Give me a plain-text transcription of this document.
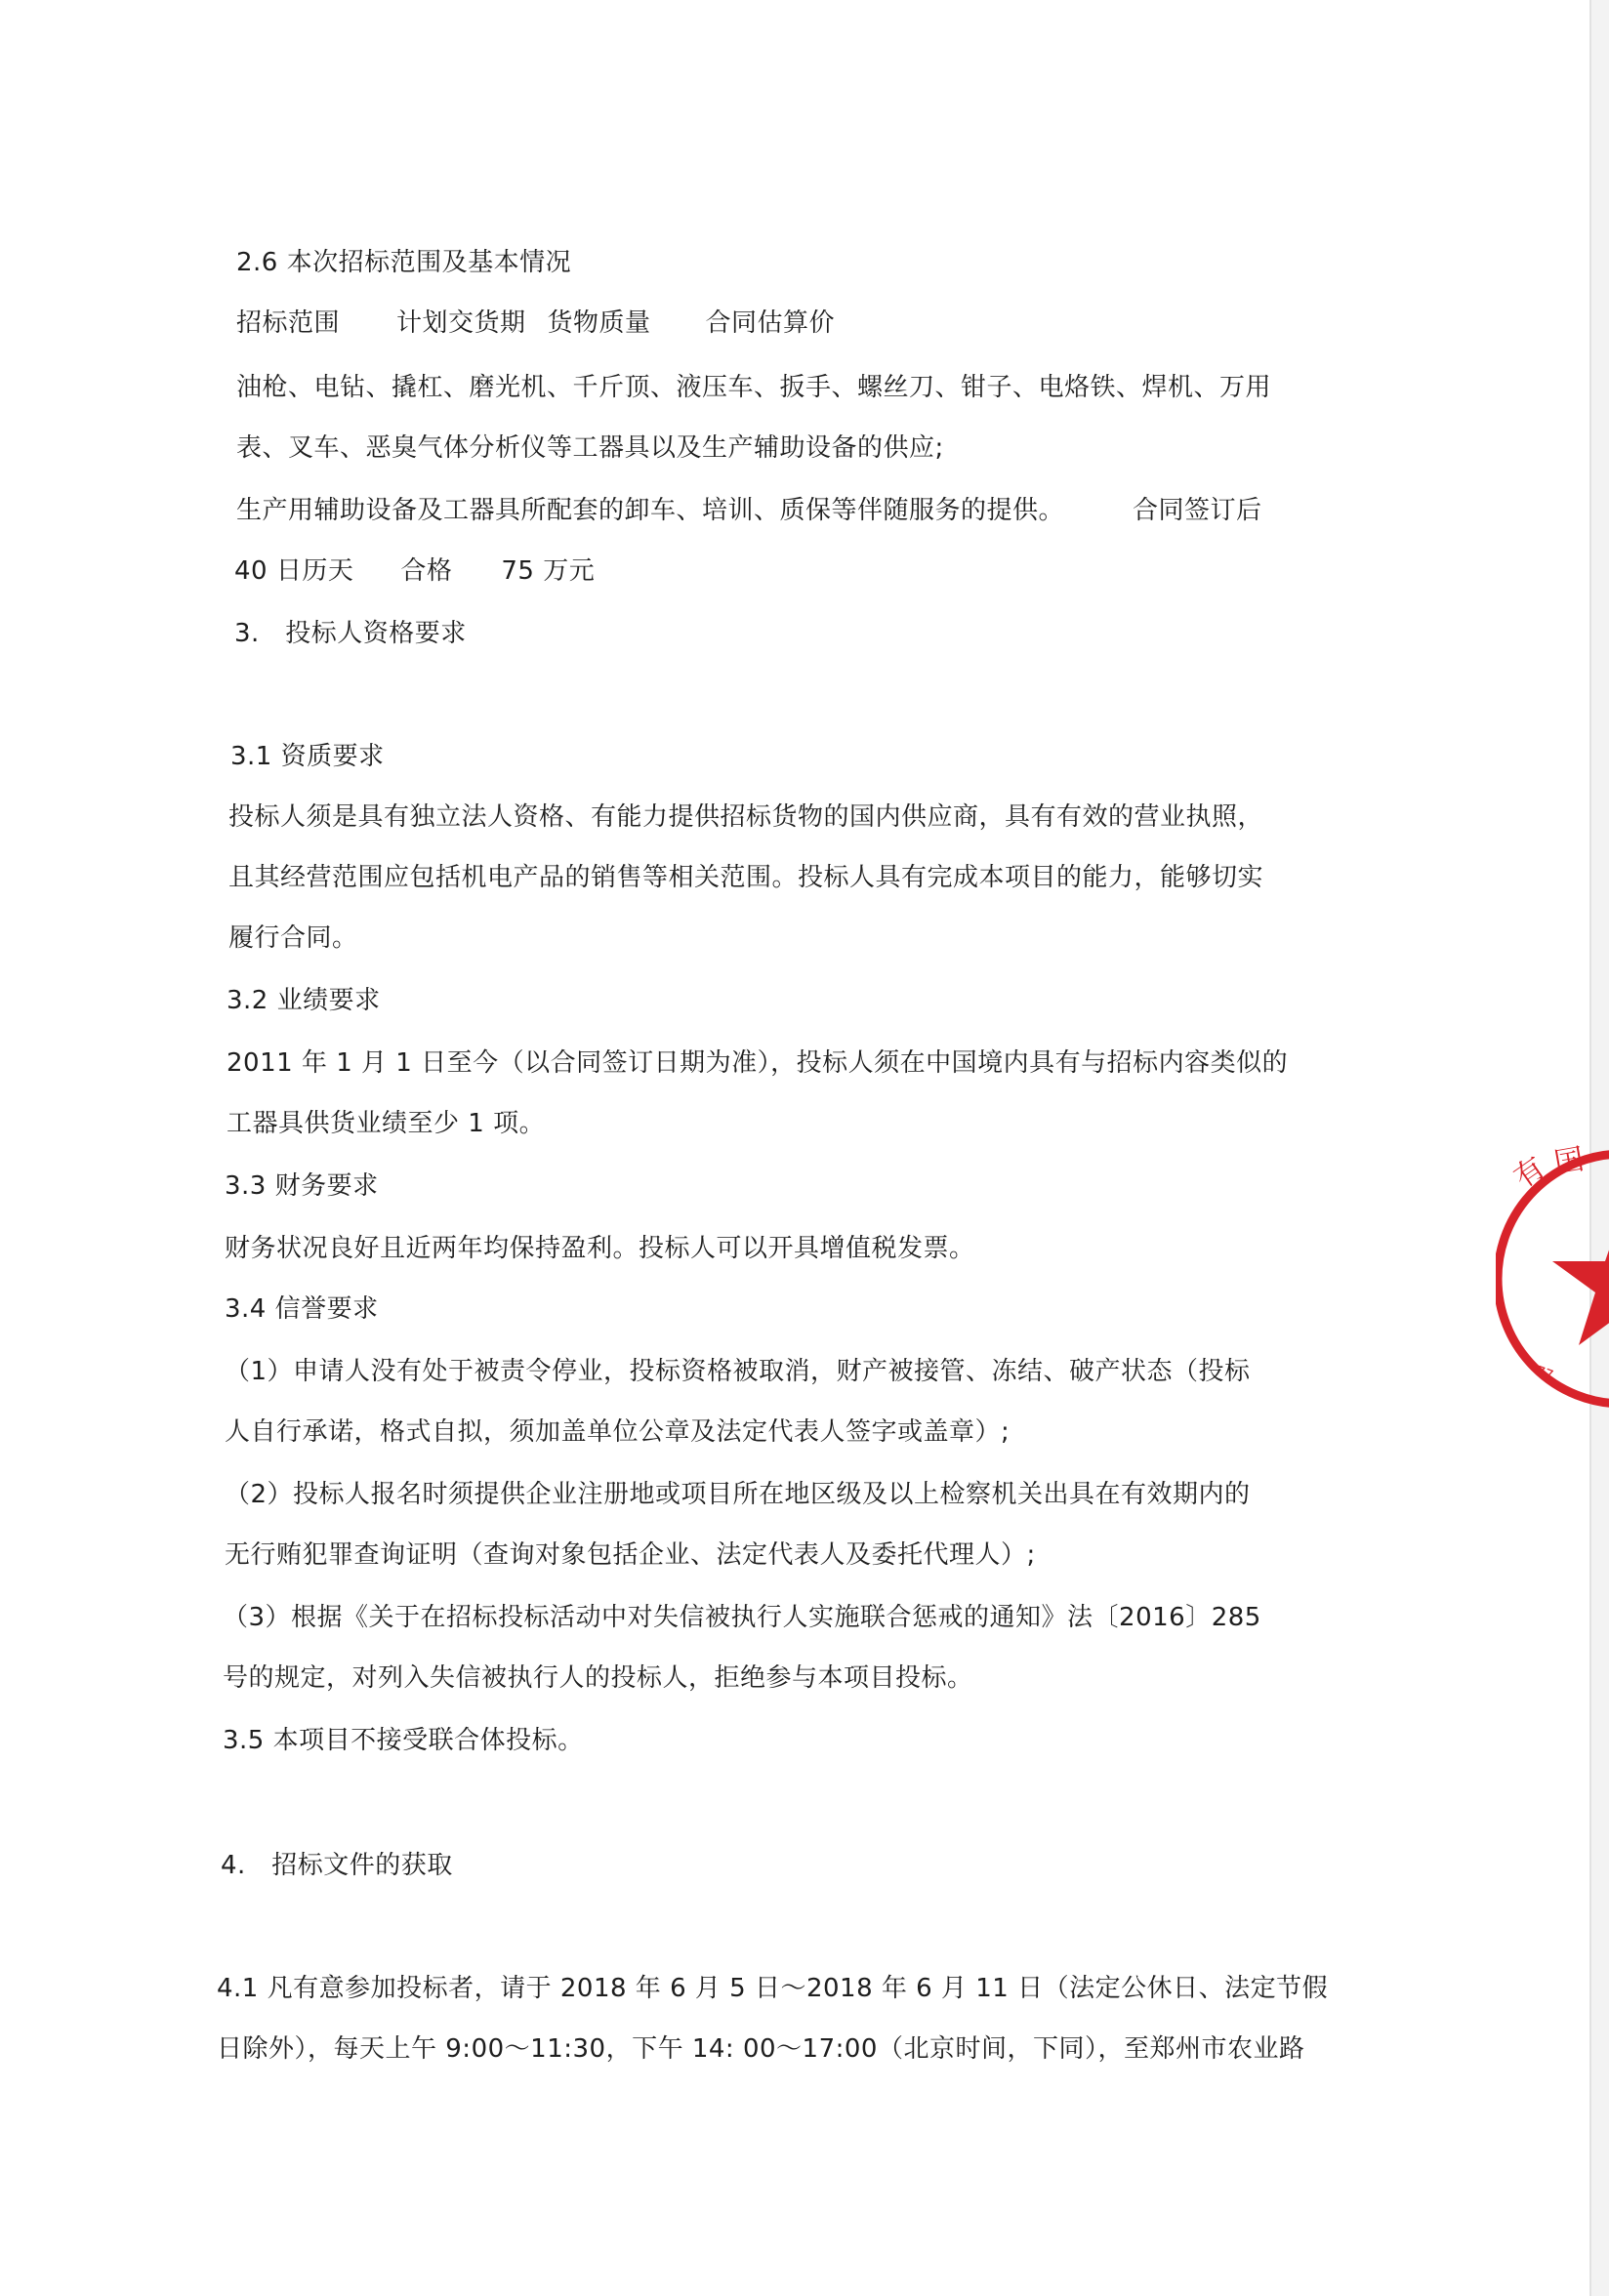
2.6 本次招标范围及基本情况
招标范围 计划交货期 货物质量 合同估算价
油枪、电钻、撬杠、磨光机、千斤顶、液压车、扳手、螺丝刀、钳子、电烙铁、焊机、万用
表、叉车、恶臭气体分析仪等工器具以及生产辅助设备的供应;
生产用辅助设备及工器具所配套的卸车、培训、质保等伴随服务的提供。	合同签订后
40 日历天 合格 75 万元
3.　投标人资格要求
3.1 资质要求
投标人须是具有独立法人资格、有能力提供招标货物的国内供应商，具有有效的营业执照，
且其经营范围应包括机电产品的销售等相关范围。投标人具有完成本项目的能力，能够切实
履行合同。
3.2 业绩要求
2011 年 1 月 1 日至今（以合同签订日期为准），投标人须在中国境内具有与招标内容类似的
工器具供货业绩至少 1 项。
3.3 财务要求
财务状况良好且近两年均保持盈利。投标人可以开具增值税发票。
3.4 信誉要求
（1）申请人没有处于被责令停业，投标资格被取消，财产被接管、冻结、破产状态（投标
人自行承诺，格式自拟，须加盖单位公章及法定代表人签字或盖章）;
（2）投标人报名时须提供企业注册地或项目所在地区级及以上检察机关出具在有效期内的
无行贿犯罪查询证明（查询对象包括企业、法定代表人及委托代理人）;
（3）根据《关于在招标投标活动中对失信被执行人实施联合惩戒的通知》法〔2016〕285
号的规定，对列入失信被执行人的投标人，拒绝参与本项目投标。
3.5 本项目不接受联合体投标。
4.　招标文件的获取
4.1 凡有意参加投标者，请于 2018 年 6 月 5 日～2018 年 6 月 11 日（法定公休日、法定节假
日除外），每天上午 9:00～11:30，下午 14: 00～17:00（北京时间，下同），至郑州市农业路
有 国
77
